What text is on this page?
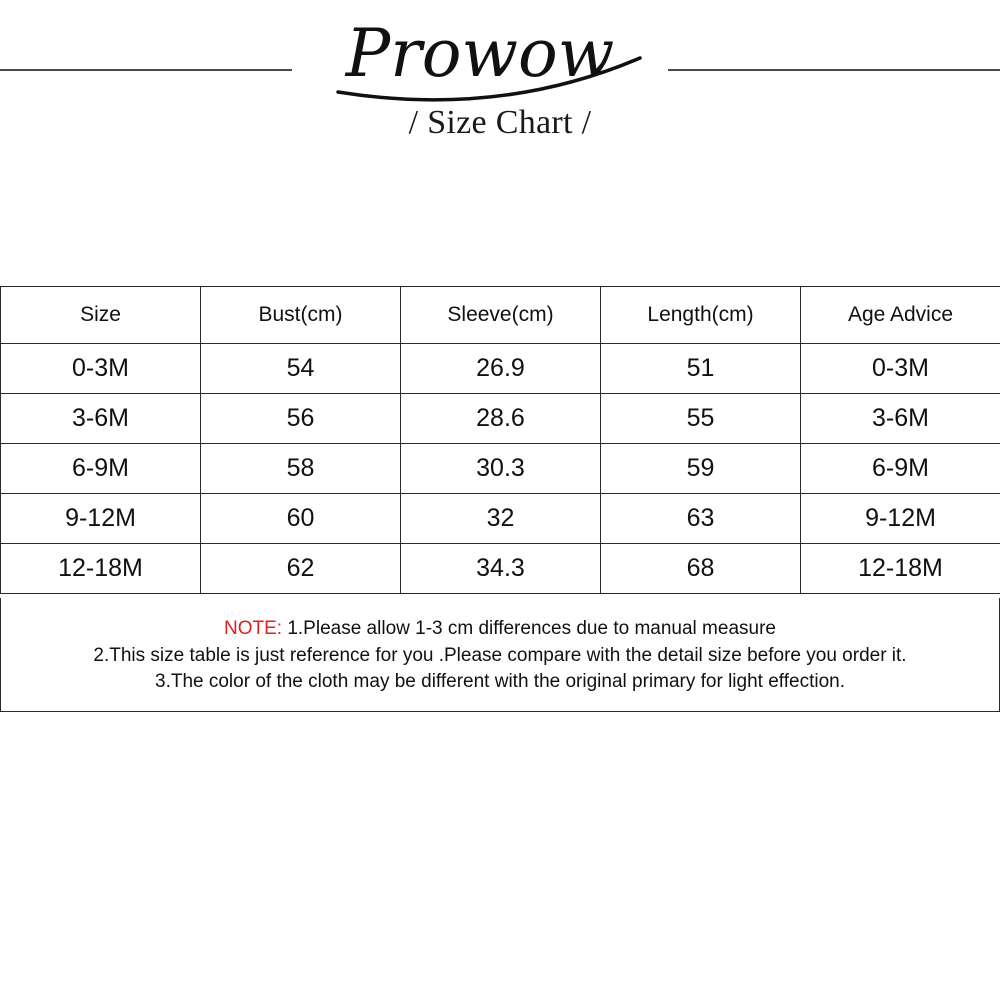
Prowow
/ Size Chart /
Size	Bust(cm)	Sleeve(cm)	Length(cm)	Age Advice
0-3M	54	26.9	51	0-3M
3-6M	56	28.6	55	3-6M
6-9M	58	30.3	59	6-9M
9-12M	60	32	63	9-12M
12-18M	62	34.3	68	12-18M
NOTE: 1.Please allow 1-3 cm differences due to manual measure
2.This size table is just reference for you .Please compare with the detail size before you order it.
3.The color of the cloth may be different with the original primary for light effection.
